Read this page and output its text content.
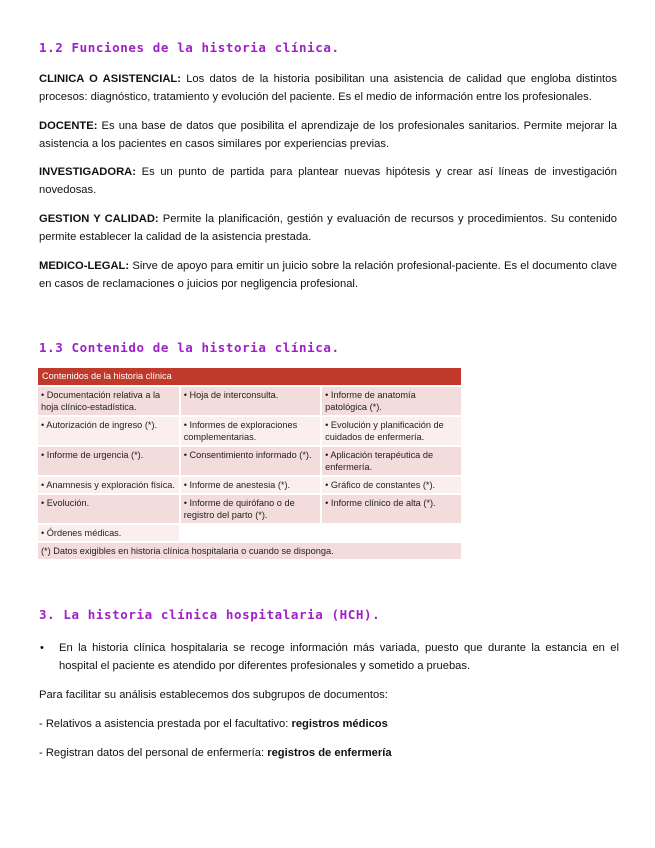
1.2 Funciones de la historia clínica.
CLINICA O ASISTENCIAL: Los datos de la historia posibilitan una asistencia de calidad que engloba distintos procesos: diagnóstico, tratamiento y evolución del paciente. Es el medio de información entre los profesionales.
DOCENTE: Es una base de datos que posibilita el aprendizaje de los profesionales sanitarios. Permite mejorar la asistencia a los pacientes en casos similares por experiencias previas.
INVESTIGADORA: Es un punto de partida para plantear nuevas hipótesis y crear así líneas de investigación novedosas.
GESTION Y CALIDAD: Permite la planificación, gestión y evaluación de recursos y procedimientos. Su contenido permite establecer la calidad de la asistencia prestada.
MEDICO-LEGAL: Sirve de apoyo para emitir un juicio sobre la relación profesional-paciente. Es el documento clave en casos de reclamaciones o juicios por negligencia profesional.
1.3 Contenido de la historia clínica.
Contenidos de la historia clínica		
• Documentación relativa a la hoja clínico-estadística.	• Hoja de interconsulta.	• Informe de anatomía patológica (*).
• Autorización de ingreso (*).	• Informes de exploraciones complementarias.	• Evolución y planificación de cuidados de enfermería.
• Informe de urgencia (*).	• Consentimiento informado (*).	• Aplicación terapéutica de enfermería.
• Anamnesis y exploración física.	• Informe de anestesia (*).	• Gráfico de constantes (*).
• Evolución.	• Informe de quirófano o de registro del parto (*).	• Informe clínico de alta (*).
• Órdenes médicas.		
(*) Datos exigibles en historia clínica hospitalaria o cuando se disponga.		
3. La historia clínica hospitalaria (HCH).
• En la historia clínica hospitalaria se recoge información más variada, puesto que durante la estancia en el hospital el paciente es atendido por diferentes profesionales y sometido a pruebas.
Para facilitar su análisis establecemos dos subgrupos de documentos:
- Relativos a asistencia prestada por el facultativo: registros médicos
- Registran datos del personal de enfermería: registros de enfermería
